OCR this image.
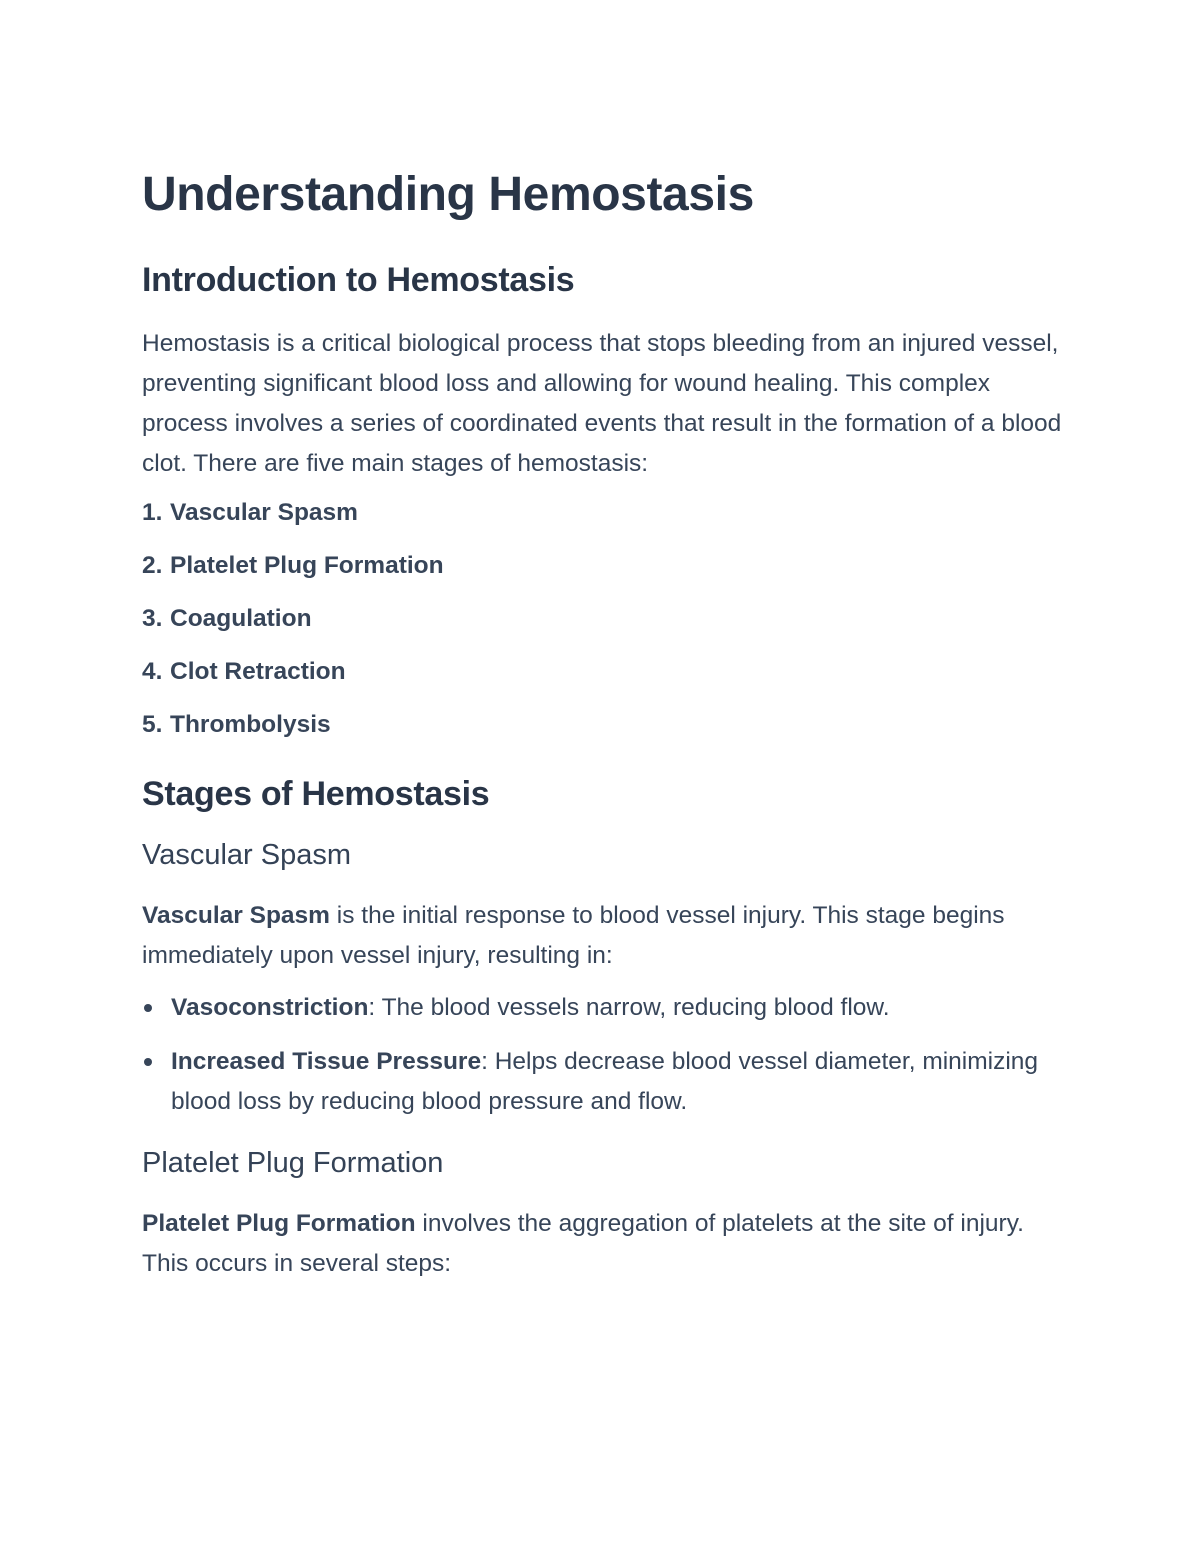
Understanding Hemostasis
Introduction to Hemostasis

Hemostasis is a critical biological process that stops bleeding from an injured vessel, preventing significant blood loss and allowing for wound healing. This complex process involves a series of coordinated events that result in the formation of a blood clot. There are five main stages of hemostasis:

1. Vascular Spasm
2. Platelet Plug Formation
3. Coagulation
4. Clot Retraction
5. Thrombolysis
Stages of Hemostasis
Vascular Spasm

Vascular Spasm is the initial response to blood vessel injury. This stage begins immediately upon vessel injury, resulting in:

Vasoconstriction: The blood vessels narrow, reducing blood flow.
Increased Tissue Pressure: Helps decrease blood vessel diameter, minimizing blood loss by reducing blood pressure and flow.
Platelet Plug Formation

Platelet Plug Formation involves the aggregation of platelets at the site of injury. This occurs in several steps:
